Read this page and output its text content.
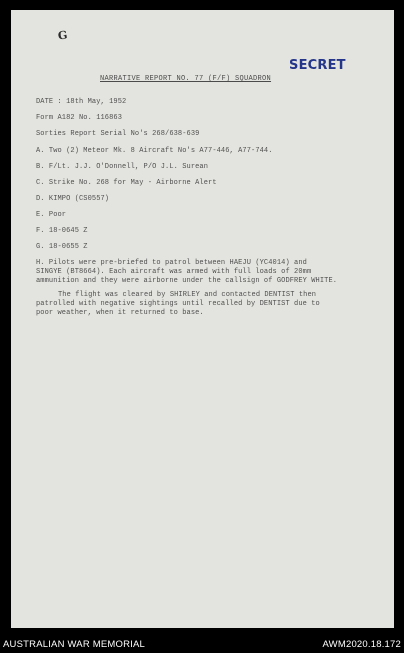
G
SECRET
NARRATIVE REPORT NO. 77 (F/F) SQUADRON
DATE : 18th May, 1952
Form A182 No. 116863
Sorties Report Serial No's 268/638-639
A. Two (2) Meteor Mk. 8 Aircraft No's A77-446, A77-744.
B. F/Lt. J.J. O'Donnell, P/O J.L. Surean
C. Strike No. 268 for May - Airborne Alert
D. KIMPO (CS0557)
E. Poor
F. 18-0645 Z
G. 18-0655 Z
H. Pilots were pre-briefed to patrol between HAEJU (YC4014) and
SINGYE (BT8664). Each aircraft was armed with full loads of 20mm
ammunition and they were airborne under the callsign of GODFREY WHITE.
The flight was cleared by SHIRLEY and contacted DENTIST then
patrolled with negative sightings until recalled by DENTIST due to
poor weather, when it returned to base.
AUSTRALIAN WAR MEMORIAL	AWM2020.18.172
